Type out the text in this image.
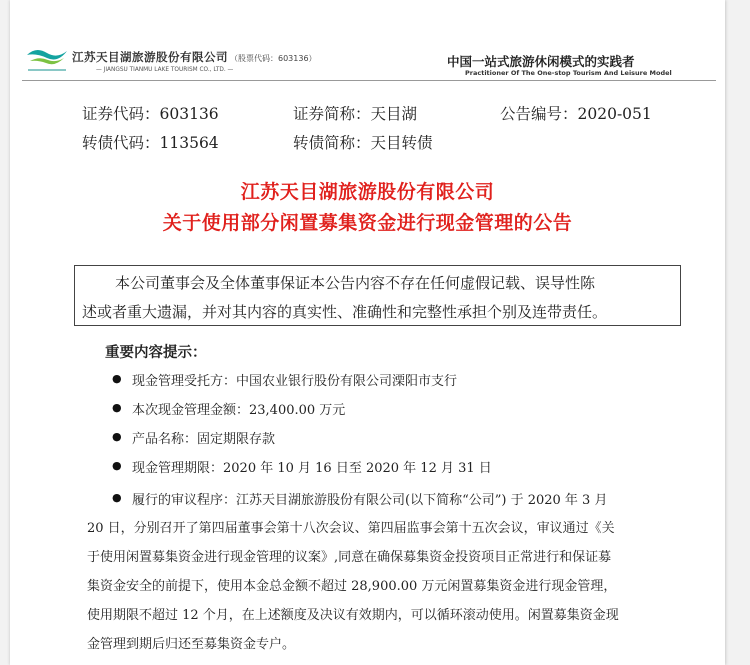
江苏天目湖旅游股份有限公司 （股票代码：603136）
— JIANGSU TIANMU LAKE TOURISM CO., LTD. —
中国一站式旅游休闲模式的实践者
Practitioner Of The One-stop Tourism And Leisure Model
证券代码：603136	证券简称：天目湖	公告编号：2020-051
转债代码：113564	转债简称：天目转债
江苏天目湖旅游股份有限公司
关于使用部分闲置募集资金进行现金管理的公告
本公司董事会及全体董事保证本公告内容不存在任何虚假记载、误导性陈
述或者重大遗漏，并对其内容的真实性、准确性和完整性承担个别及连带责任。
重要内容提示：
● 现金管理受托方：中国农业银行股份有限公司溧阳市支行
● 本次现金管理金额：23,400.00 万元
● 产品名称：固定期限存款
● 现金管理期限：2020 年 10 月 16 日至 2020 年 12 月 31 日
● 履行的审议程序：江苏天目湖旅游股份有限公司(以下简称“公司”) 于 2020 年 3 月
20 日，分别召开了第四届董事会第十八次会议、第四届监事会第十五次会议，审议通过《关
于使用闲置募集资金进行现金管理的议案》,同意在确保募集资金投资项目正常进行和保证募
集资金安全的前提下，使用本金总金额不超过 28,900.00 万元闲置募集资金进行现金管理，
使用期限不超过 12 个月，在上述额度及决议有效期内，可以循环滚动使用。闲置募集资金现
金管理到期后归还至募集资金专户。
